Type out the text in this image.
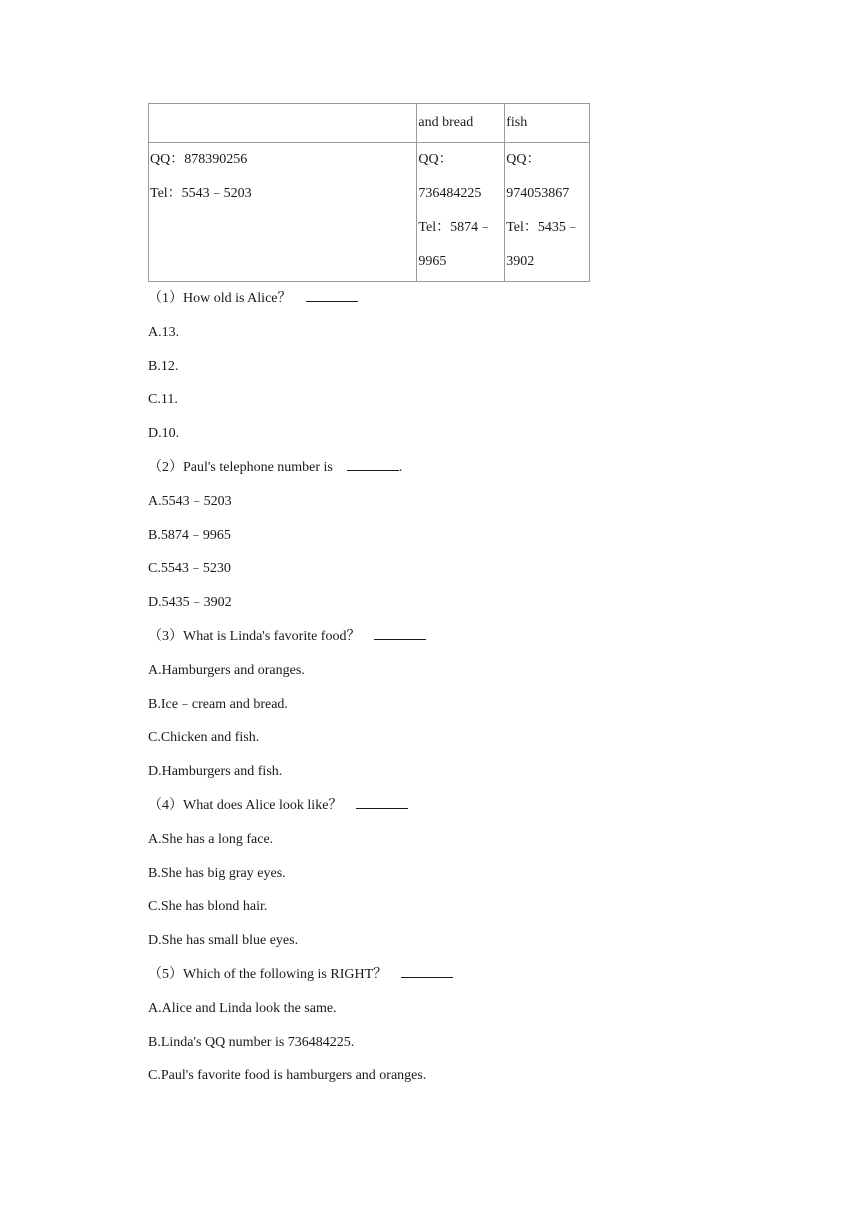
	and bread	fish

QQ：878390256
Tel：5543﹣5203	QQ：
736484225
Tel：5874﹣
9965	QQ：
974053867
Tel：5435﹣
3902

（1）How old is Alice？

A.13.

B.12.

C.11.

D.10.

（2）Paul's telephone number is	.

A.5543﹣5203

B.5874﹣9965

C.5543﹣5230

D.5435﹣3902

（3）What is Linda's favorite food？

A.Hamburgers and oranges.

B.Ice﹣cream and bread.

C.Chicken and fish.

D.Hamburgers and fish.

（4）What does Alice look like？

A.She has a long face.

B.She has big gray eyes.

C.She has blond hair.

D.She has small blue eyes.

（5）Which of the following is RIGHT？

A.Alice and Linda look the same.

B.Linda's QQ number is 736484225.

C.Paul's favorite food is hamburgers and oranges.
